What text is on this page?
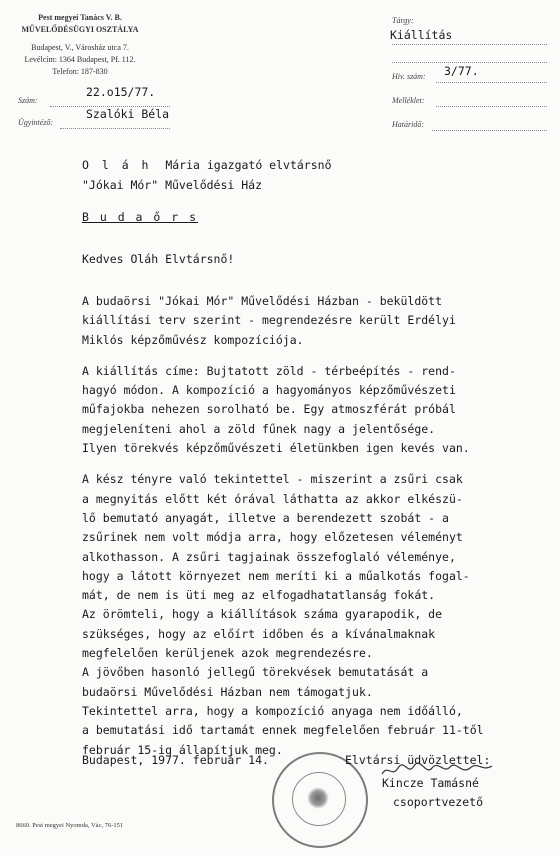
Pest megyei Tanács V. B.
MŰVELŐDÉSÜGYI OSZTÁLYA
Budapest, V., Városház utca 7.
Levélcím: 1364 Budapest, Pf. 112.
Telefon: 187-830
Szám:
22.o15/77.
Ügyintéző:
Szalóki Béla
Tárgy:
Kiállítás
Hiv. szám: 3/77.
Melléklet:
Határidő:
O l á h Mária igazgató elvtársnő
"Jókai Mór" Művelődési Ház
B u d a ő r s
Kedves Oláh Elvtársnő!
A budaörsi "Jókai Mór" Művelődési Házban - beküldött
kiállítási terv szerint - megrendezésre került Erdélyi
Miklós képzőművész kompozíciója.
A kiállítás címe: Bujtatott zöld - térbeépítés - rend-
hagyó módon. A kompozíció a hagyományos képzőművészeti
műfajokba nehezen sorolható be. Egy atmoszférát próbál
megjeleníteni ahol a zöld fűnek nagy a jelentősége.
Ilyen törekvés képzőművészeti életünkben igen kevés van.
A kész tényre való tekintettel - miszerint a zsűri csak
a megnyitás előtt két órával láthatta az akkor elkészü-
lő bemutató anyagát, illetve a berendezett szobát - a
zsűrinek nem volt módja arra, hogy előzetesen véleményt
alkothasson. A zsűri tagjainak összefoglaló véleménye,
hogy a látott környezet nem meríti ki a műalkotás fogal-
mát, de nem is üti meg az elfogadhatatlanság fokát.
Az örömteli, hogy a kiállítások száma gyarapodik, de
szükséges, hogy az előírt időben és a kívánalmaknak
megfelelően kerüljenek azok megrendezésre.
A jövőben hasonló jellegű törekvések bemutatását a
budaörsi Művelődési Házban nem támogatjuk.
Tekintettel arra, hogy a kompozíció anyaga nem időálló,
a bemutatási idő tartamát ennek megfelelően február 11-től
február 15-ig állapítjuk meg.
Budapest, 1977. február 14.	Elvtársi üdvözlettel:
Kincze Tamásné
csoportvezető
8660. Pest megyei Nyomda, Vác, 76-151
